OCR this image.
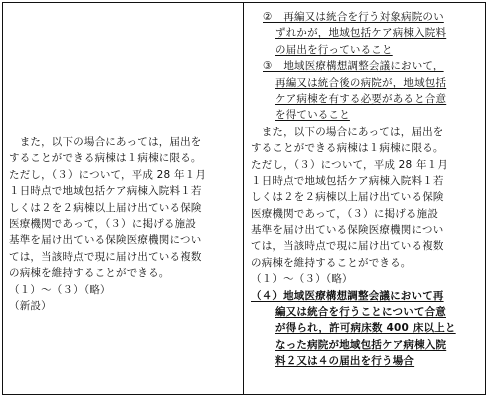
　また，以下の場合にあっては，届出を
することができる病棟は１病棟に限る。
ただし，（３）について，平成 28 年１月
１日時点で地域包括ケア病棟入院料１若
しくは２を２病棟以上届け出ている保険
医療機関であって，（３）に掲げる施設
基準を届け出ている保険医療機関につい
ては，当該時点で現に届け出ている複数
の病棟を維持することができる。
（１）～（３）（略）
（新設）
②　再編又は統合を行う対象病院のい
ずれかが，地域包括ケア病棟入院料
の届出を行っていること
③　地域医療構想調整会議において，
再編又は統合後の病院が，地域包括
ケア病棟を有する必要があると合意
を得ていること
　また，以下の場合にあっては，届出を
することができる病棟は１病棟に限る。
ただし，（３）について，平成 28 年１月
１日時点で地域包括ケア病棟入院料１若
しくは２を２病棟以上届け出ている保険
医療機関であって，（３）に掲げる施設
基準を届け出ている保険医療機関につい
ては，当該時点で現に届け出ている複数
の病棟を維持することができる。
（１）～（３）（略）
（４）地域医療構想調整会議において再
編又は統合を行うことについて合意
が得られ，許可病床数 400 床以上と
なった病院が地域包括ケア病棟入院
料２又は４の届出を行う場合
